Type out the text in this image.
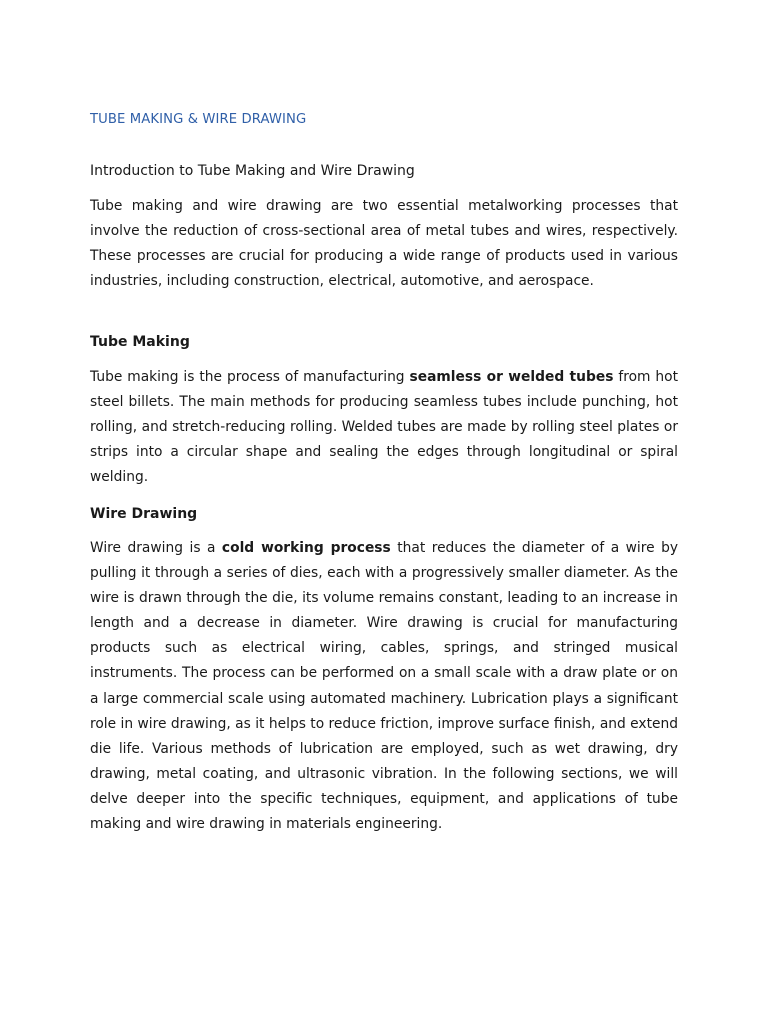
TUBE MAKING & WIRE DRAWING

Introduction to Tube Making and Wire Drawing

Tube making and wire drawing are two essential metalworking processes that involve the reduction of cross-sectional area of metal tubes and wires, respectively. These processes are crucial for producing a wide range of products used in various industries, including construction, electrical, automotive, and aerospace.

Tube Making

Tube making is the process of manufacturing seamless or welded tubes from hot steel billets. The main methods for producing seamless tubes include punching, hot rolling, and stretch-reducing rolling. Welded tubes are made by rolling steel plates or strips into a circular shape and sealing the edges through longitudinal or spiral welding.

Wire Drawing

Wire drawing is a cold working process that reduces the diameter of a wire by pulling it through a series of dies, each with a progressively smaller diameter. As the wire is drawn through the die, its volume remains constant, leading to an increase in length and a decrease in diameter. Wire drawing is crucial for manufacturing products such as electrical wiring, cables, springs, and stringed musical instruments. The process can be performed on a small scale with a draw plate or on a large commercial scale using automated machinery. Lubrication plays a significant role in wire drawing, as it helps to reduce friction, improve surface finish, and extend die life. Various methods of lubrication are employed, such as wet drawing, dry drawing, metal coating, and ultrasonic vibration. In the following sections, we will delve deeper into the specific techniques, equipment, and applications of tube making and wire drawing in materials engineering.
